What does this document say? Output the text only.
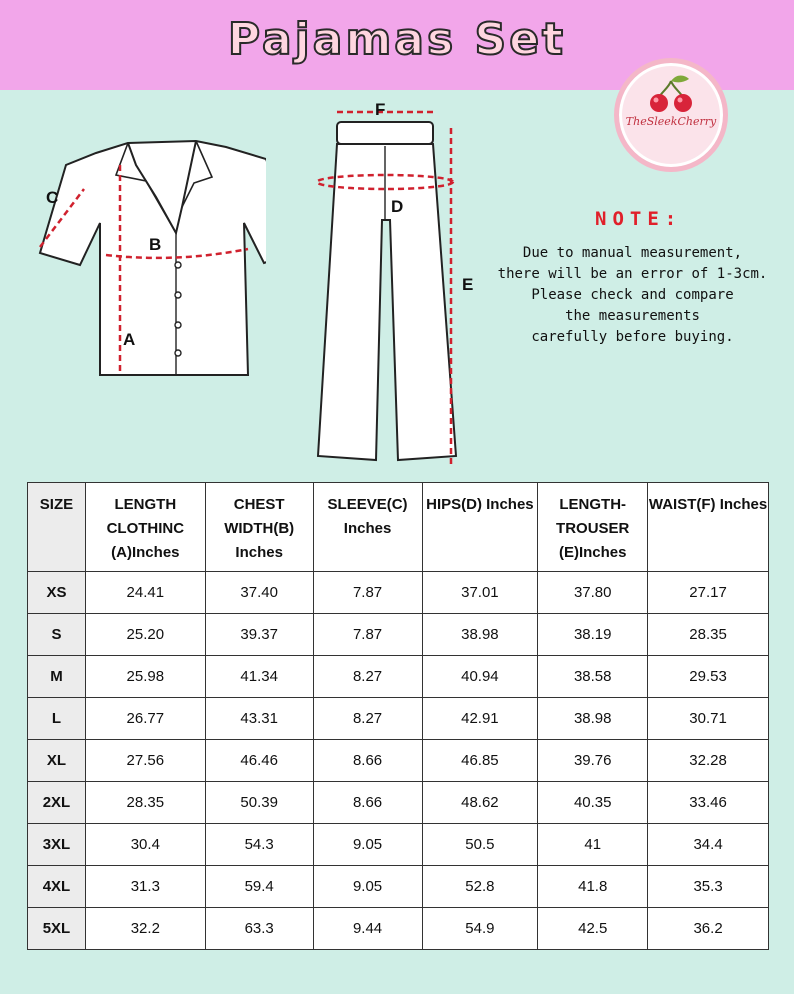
Pajamas Set
TheSleekCherry
A
B
C
F
D
E
NOTE:
Due to manual measurement,
there will be an error of 1-3cm.
Please check and compare
the measurements
carefully before buying.
SIZE	LENGTH CLOTHINC (A)Inches	CHEST WIDTH(B) Inches	SLEEVE(C) Inches	HIPS(D) Inches	LENGTH-TROUSER (E)Inches	WAIST(F) Inches
XS	24.41	37.40	7.87	37.01	37.80	27.17
S	25.20	39.37	7.87	38.98	38.19	28.35
M	25.98	41.34	8.27	40.94	38.58	29.53
L	26.77	43.31	8.27	42.91	38.98	30.71
XL	27.56	46.46	8.66	46.85	39.76	32.28
2XL	28.35	50.39	8.66	48.62	40.35	33.46
3XL	30.4	54.3	9.05	50.5	41	34.4
4XL	31.3	59.4	9.05	52.8	41.8	35.3
5XL	32.2	63.3	9.44	54.9	42.5	36.2
